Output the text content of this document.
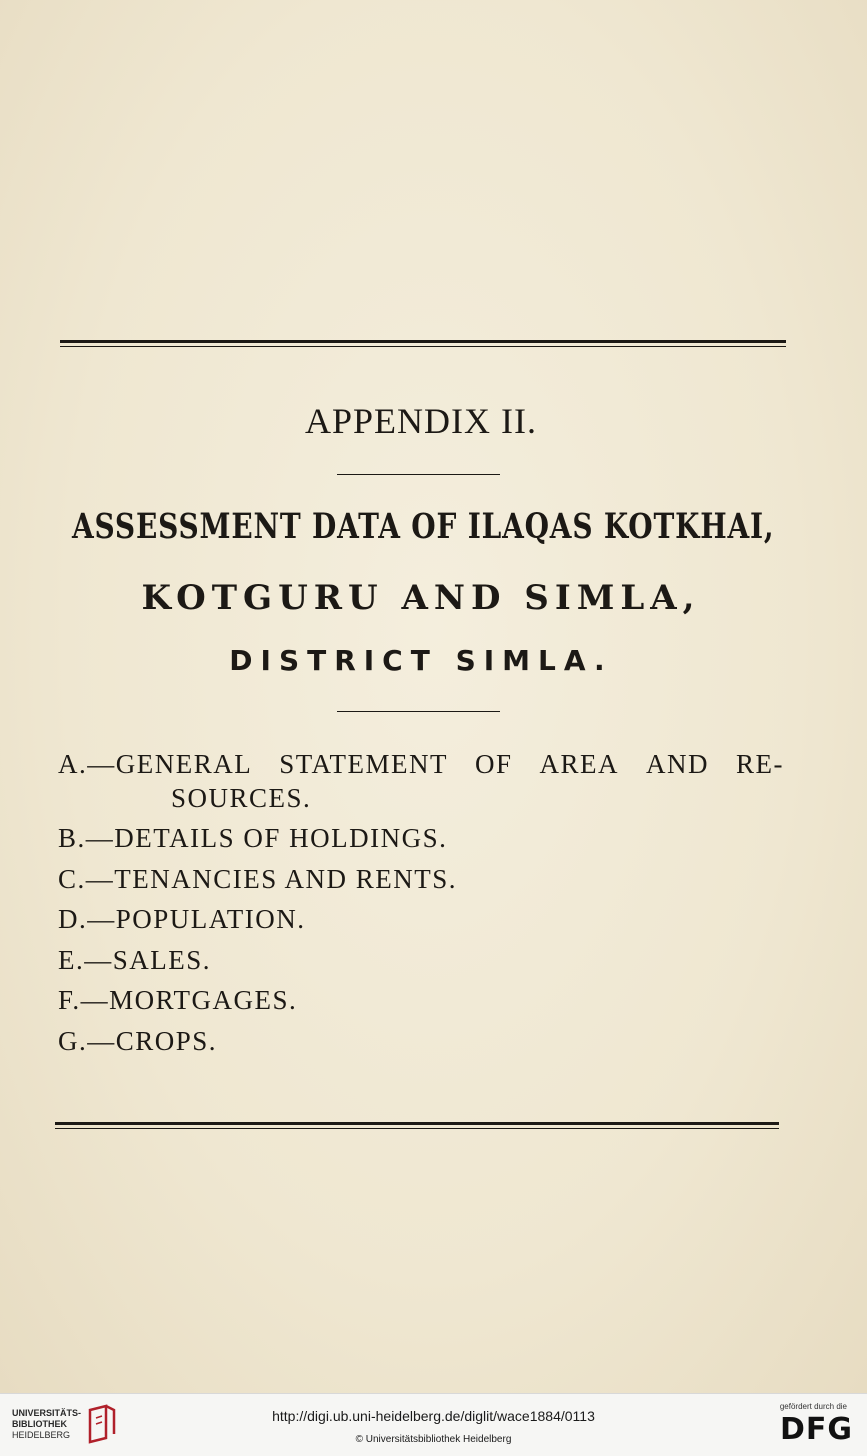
APPENDIX II.
ASSESSMENT DATA OF ILAQAS KOTKHAI,
KOTGURU AND SIMLA,
DISTRICT SIMLA.
A.—GENERAL STATEMENT OF AREA AND RE-
SOURCES.
B.—DETAILS OF HOLDINGS.
C.—TENANCIES AND RENTS.
D.—POPULATION.
E.—SALES.
F.—MORTGAGES.
G.—CROPS.
UNIVERSITÄTS-
BIBLIOTHEK
HEIDELBERG
http://digi.ub.uni-heidelberg.de/diglit/wace1884/0113
© Universitätsbibliothek Heidelberg
gefördert durch die
DFG
